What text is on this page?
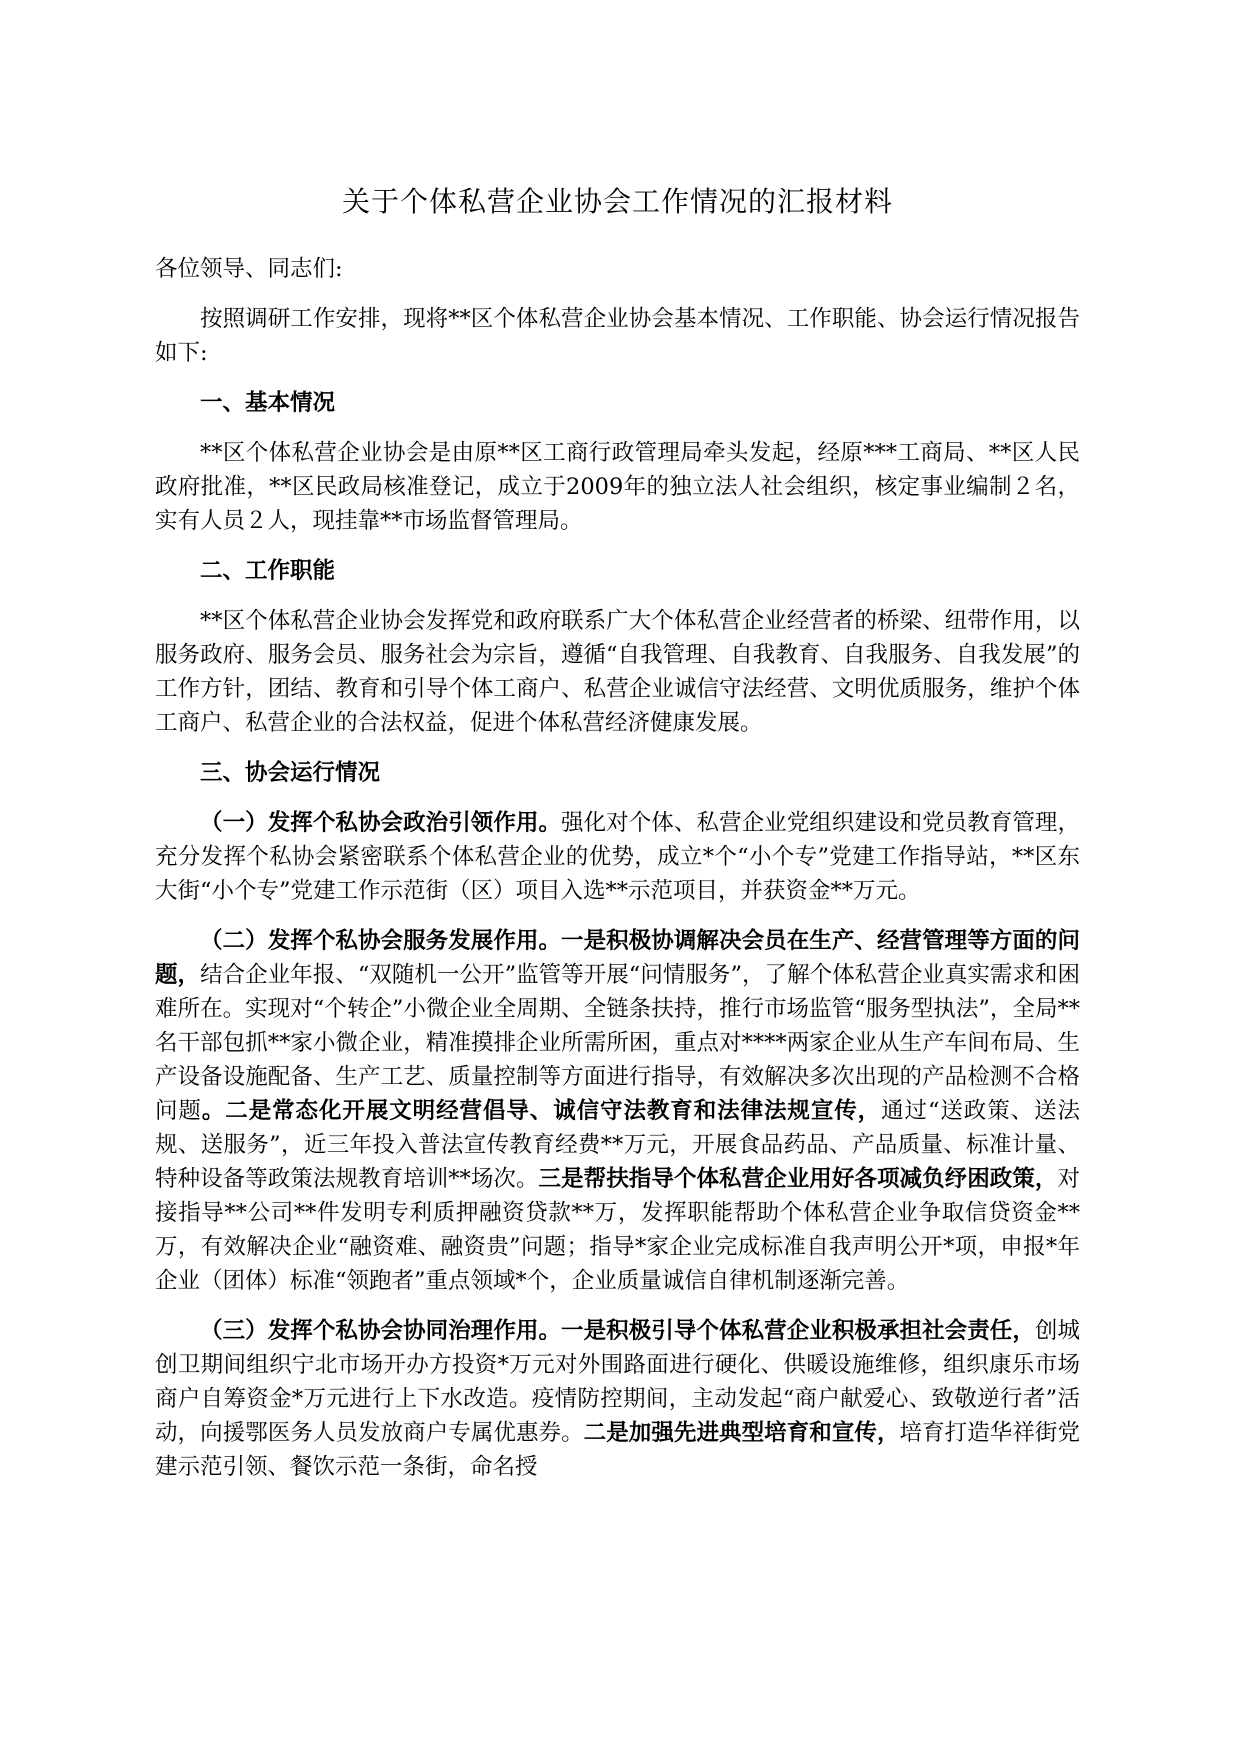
关于个体私营企业协会工作情况的汇报材料

各位领导、同志们:

按照调研工作安排，现将**区个体私营企业协会基本情况、工作职能、协会运行情况报告如下:

一、基本情况

**区个体私营企业协会是由原**区工商行政管理局牵头发起，经原***工商局、**区人民政府批准，**区民政局核准登记，成立于2009年的独立法人社会组织，核定事业编制２名，实有人员２人，现挂靠**市场监督管理局。

二、工作职能

**区个体私营企业协会发挥党和政府联系广大个体私营企业经营者的桥梁、纽带作用，以服务政府、服务会员、服务社会为宗旨，遵循“自我管理、自我教育、自我服务、自我发展”的工作方针，团结、教育和引导个体工商户、私营企业诚信守法经营、文明优质服务，维护个体工商户、私营企业的合法权益，促进个体私营经济健康发展。

三、协会运行情况

（一）发挥个私协会政治引领作用。强化对个体、私营企业党组织建设和党员教育管理，充分发挥个私协会紧密联系个体私营企业的优势，成立*个“小个专”党建工作指导站，**区东大街“小个专”党建工作示范街（区）项目入选**示范项目，并获资金**万元。

（二）发挥个私协会服务发展作用。一是积极协调解决会员在生产、经营管理等方面的问题，结合企业年报、“双随机一公开”监管等开展“问情服务”，了解个体私营企业真实需求和困难所在。实现对“个转企”小微企业全周期、全链条扶持，推行市场监管“服务型执法”，全局**名干部包抓**家小微企业，精准摸排企业所需所困，重点对****两家企业从生产车间布局、生产设备设施配备、生产工艺、质量控制等方面进行指导，有效解决多次出现的产品检测不合格问题。二是常态化开展文明经营倡导、诚信守法教育和法律法规宣传，通过“送政策、送法规、送服务”，近三年投入普法宣传教育经费**万元，开展食品药品、产品质量、标准计量、特种设备等政策法规教育培训**场次。三是帮扶指导个体私营企业用好各项减负纾困政策，对接指导**公司**件发明专利质押融资贷款**万，发挥职能帮助个体私营企业争取信贷资金**万，有效解决企业“融资难、融资贵”问题；指导*家企业完成标准自我声明公开*项，申报*年企业（团体）标准“领跑者”重点领域*个，企业质量诚信自律机制逐渐完善。

（三）发挥个私协会协同治理作用。一是积极引导个体私营企业积极承担社会责任，创城创卫期间组织宁北市场开办方投资*万元对外围路面进行硬化、供暖设施维修，组织康乐市场商户自筹资金*万元进行上下水改造。疫情防控期间，主动发起“商户献爱心、致敬逆行者”活动，向援鄂医务人员发放商户专属优惠券。二是加强先进典型培育和宣传，培育打造华祥街党建示范引领、餐饮示范一条街，命名授
